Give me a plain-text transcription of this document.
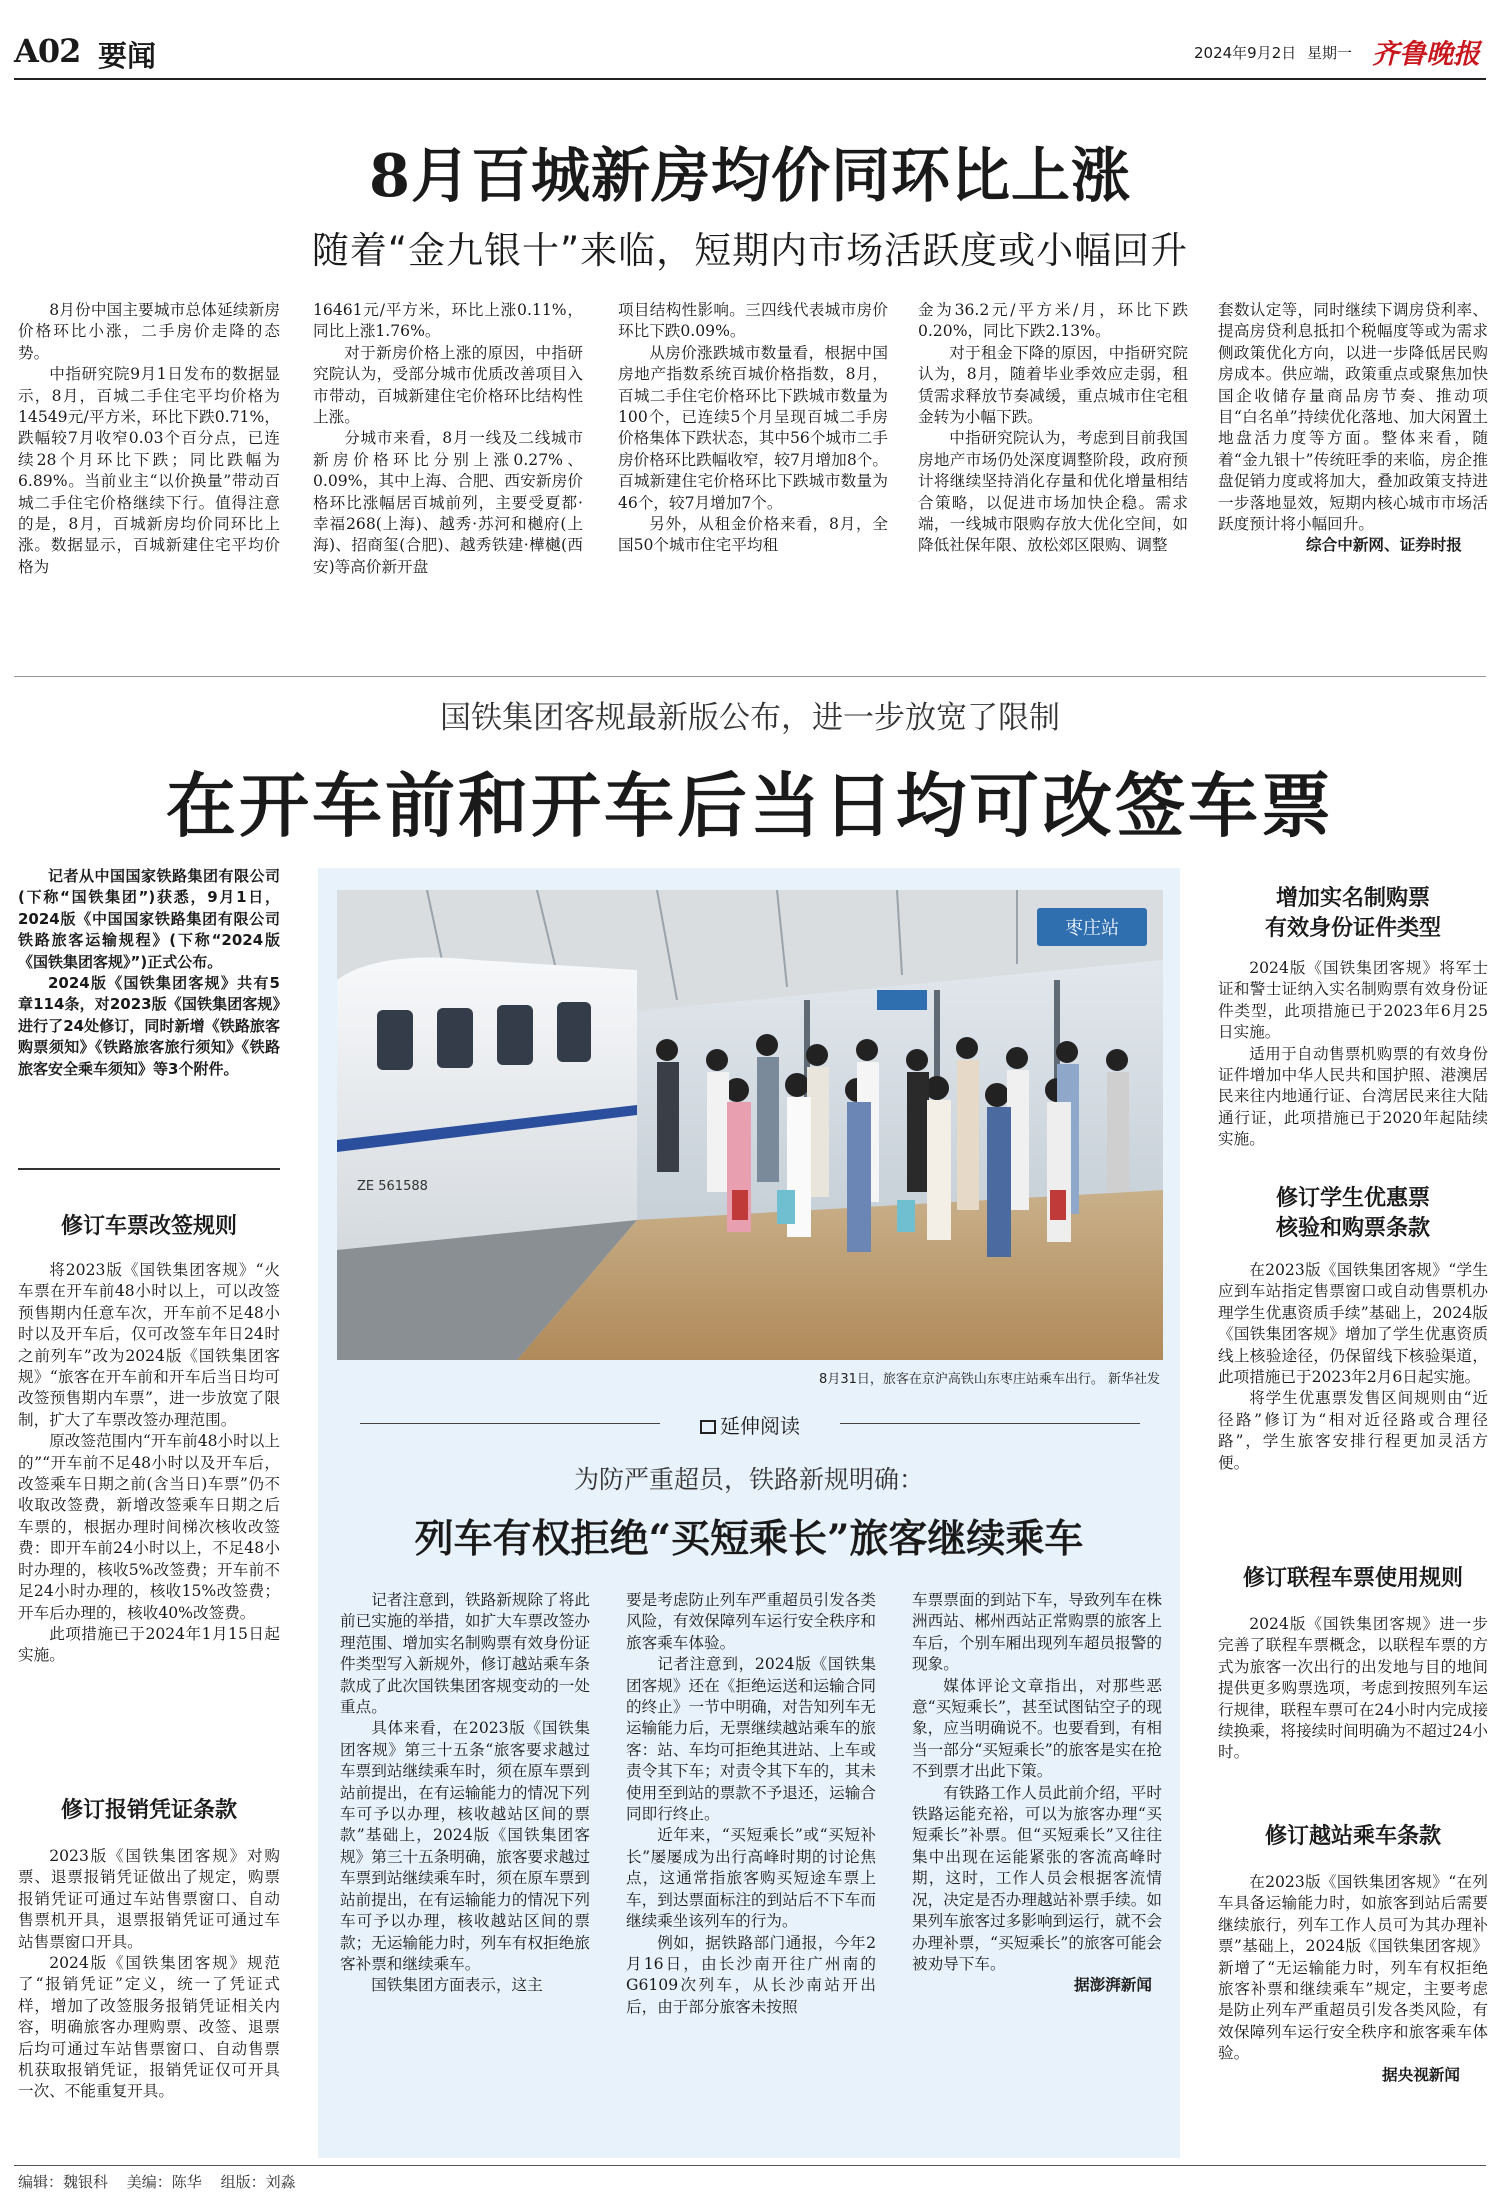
A02 要闻	2024年9月2日 星期一 齐鲁晚报
8月百城新房均价同环比上涨
随着“金九银十”来临，短期内市场活跃度或小幅回升

8月份中国主要城市总体延续新房价格环比小涨，二手房价走降的态势。

中指研究院9月1日发布的数据显示，8月，百城二手住宅平均价格为14549元/平方米，环比下跌0.71%，跌幅较7月收窄0.03个百分点，已连续28个月环比下跌；同比跌幅为6.89%。当前业主“以价换量”带动百城二手住宅价格继续下行。值得注意的是，8月，百城新房均价同环比上涨。数据显示，百城新建住宅平均价格为

16461元/平方米，环比上涨0.11%，同比上涨1.76%。

对于新房价格上涨的原因，中指研究院认为，受部分城市优质改善项目入市带动，百城新建住宅价格环比结构性上涨。

分城市来看，8月一线及二线城市新房价格环比分别上涨0.27%、0.09%，其中上海、合肥、西安新房价格环比涨幅居百城前列，主要受夏都·幸福268(上海)、越秀·苏河和樾府(上海)、招商玺(合肥)、越秀铁建·樺樾(西安)等高价新开盘

项目结构性影响。三四线代表城市房价环比下跌0.09%。

从房价涨跌城市数量看，根据中国房地产指数系统百城价格指数，8月，百城二手住宅价格环比下跌城市数量为100个，已连续5个月呈现百城二手房价格集体下跌状态，其中56个城市二手房价格环比跌幅收窄，较7月增加8个。百城新建住宅价格环比下跌城市数量为46个，较7月增加7个。

另外，从租金价格来看，8月，全国50个城市住宅平均租

金为36.2元/平方米/月，环比下跌0.20%，同比下跌2.13%。

对于租金下降的原因，中指研究院认为，8月，随着毕业季效应走弱，租赁需求释放节奏减缓，重点城市住宅租金转为小幅下跌。

中指研究院认为，考虑到目前我国房地产市场仍处深度调整阶段，政府预计将继续坚持消化存量和优化增量相结合策略，以促进市场加快企稳。需求端，一线城市限购存放大优化空间，如降低社保年限、放松郊区限购、调整

套数认定等，同时继续下调房贷利率、提高房贷利息抵扣个税幅度等或为需求侧政策优化方向，以进一步降低居民购房成本。供应端，政策重点或聚焦加快国企收储存量商品房节奏、推动项目“白名单”持续优化落地、加大闲置土地盘活力度等方面。整体来看，随着“金九银十”传统旺季的来临，房企推盘促销力度或将加大，叠加政策支持进一步落地显效，短期内核心城市市场活跃度预计将小幅回升。

综合中新网、证券时报
国铁集团客规最新版公布，进一步放宽了限制
在开车前和开车后当日均可改签车票

记者从中国国家铁路集团有限公司(下称“国铁集团”)获悉，9月1日，2024版《中国国家铁路集团有限公司铁路旅客运输规程》(下称“2024版《国铁集团客规》”)正式公布。

2024版《国铁集团客规》共有5章114条，对2023版《国铁集团客规》进行了24处修订，同时新增《铁路旅客购票须知》《铁路旅客旅行须知》《铁路旅客安全乘车须知》等3个附件。

修订车票改签规则

将2023版《国铁集团客规》“火车票在开车前48小时以上，可以改签预售期内任意车次，开车前不足48小时以及开车后，仅可改签车年日24时之前列车”改为2024版《国铁集团客规》“旅客在开车前和开车后当日均可改签预售期内车票”，进一步放宽了限制，扩大了车票改签办理范围。

原改签范围内“开车前48小时以上的”“开车前不足48小时以及开车后，改签乘车日期之前(含当日)车票”仍不收取改签费，新增改签乘车日期之后车票的，根据办理时间梯次核收改签费：即开车前24小时以上，不足48小时办理的，核收5%改签费；开车前不足24小时办理的，核收15%改签费；开车后办理的，核收40%改签费。

此项措施已于2024年1月15日起实施。

修订报销凭证条款

2023版《国铁集团客规》对购票、退票报销凭证做出了规定，购票报销凭证可通过车站售票窗口、自动售票机开具，退票报销凭证可通过车站售票窗口开具。

2024版《国铁集团客规》规范了“报销凭证”定义，统一了凭证式样，增加了改签服务报销凭证相关内容，明确旅客办理购票、改签、退票后均可通过车站售票窗口、自动售票机获取报销凭证，报销凭证仅可开具一次、不能重复开具。

枣庄站
ZE 561588
8月31日，旅客在京沪高铁山东枣庄站乘车出行。 新华社发
延伸阅读
为防严重超员，铁路新规明确：
列车有权拒绝“买短乘长”旅客继续乘车

记者注意到，铁路新规除了将此前已实施的举措，如扩大车票改签办理范围、增加实名制购票有效身份证件类型写入新规外，修订越站乘车条款成了此次国铁集团客规变动的一处重点。

具体来看，在2023版《国铁集团客规》第三十五条“旅客要求越过车票到站继续乘车时，须在原车票到站前提出，在有运输能力的情况下列车可予以办理，核收越站区间的票款”基础上，2024版《国铁集团客规》第三十五条明确，旅客要求越过车票到站继续乘车时，须在原车票到站前提出，在有运输能力的情况下列车可予以办理，核收越站区间的票款；无运输能力时，列车有权拒绝旅客补票和继续乘车。

国铁集团方面表示，这主

要是考虑防止列车严重超员引发各类风险，有效保障列车运行安全秩序和旅客乘车体验。

记者注意到，2024版《国铁集团客规》还在《拒绝运送和运输合同的终止》一节中明确，对告知列车无运输能力后，无票继续越站乘车的旅客：站、车均可拒绝其进站、上车或责令其下车；对责令其下车的，其未使用至到站的票款不予退还，运输合同即行终止。

近年来，“买短乘长”或“买短补长”屡屡成为出行高峰时期的讨论焦点，这通常指旅客购买短途车票上车，到达票面标注的到站后不下车而继续乘坐该列车的行为。

例如，据铁路部门通报，今年2月16日，由长沙南开往广州南的G6109次列车，从长沙南站开出后，由于部分旅客未按照

车票票面的到站下车，导致列车在株洲西站、郴州西站正常购票的旅客上车后，个别车厢出现列车超员报警的现象。

媒体评论文章指出，对那些恶意“买短乘长”，甚至试图钻空子的现象，应当明确说不。也要看到，有相当一部分“买短乘长”的旅客是实在抢不到票才出此下策。

有铁路工作人员此前介绍，平时铁路运能充裕，可以为旅客办理“买短乘长”补票。但“买短乘长”又往往集中出现在运能紧张的客流高峰时期，这时，工作人员会根据客流情况，决定是否办理越站补票手续。如果列车旅客过多影响到运行，就不会办理补票，“买短乘长”的旅客可能会被劝导下车。

据澎湃新闻
增加实名制购票
有效身份证件类型

2024版《国铁集团客规》将军士证和警士证纳入实名制购票有效身份证件类型，此项措施已于2023年6月25日实施。

适用于自动售票机购票的有效身份证件增加中华人民共和国护照、港澳居民来往内地通行证、台湾居民来往大陆通行证，此项措施已于2020年起陆续实施。

修订学生优惠票
核验和购票条款

在2023版《国铁集团客规》“学生应到车站指定售票窗口或自动售票机办理学生优惠资质手续”基础上，2024版《国铁集团客规》增加了学生优惠资质线上核验途径，仍保留线下核验渠道，此项措施已于2023年2月6日起实施。

将学生优惠票发售区间规则由“近径路”修订为“相对近径路或合理径路”，学生旅客安排行程更加灵活方便。

修订联程车票使用规则

2024版《国铁集团客规》进一步完善了联程车票概念，以联程车票的方式为旅客一次出行的出发地与目的地间提供更多购票选项，考虑到按照列车运行规律，联程车票可在24小时内完成接续换乘，将接续时间明确为不超过24小时。

修订越站乘车条款

在2023版《国铁集团客规》“在列车具备运输能力时，如旅客到站后需要继续旅行，列车工作人员可为其办理补票”基础上，2024版《国铁集团客规》新增了“无运输能力时，列车有权拒绝旅客补票和继续乘车”规定，主要考虑是防止列车严重超员引发各类风险，有效保障列车运行安全秩序和旅客乘车体验。

据央视新闻
编辑：魏银科 美编：陈华 组版：刘淼
